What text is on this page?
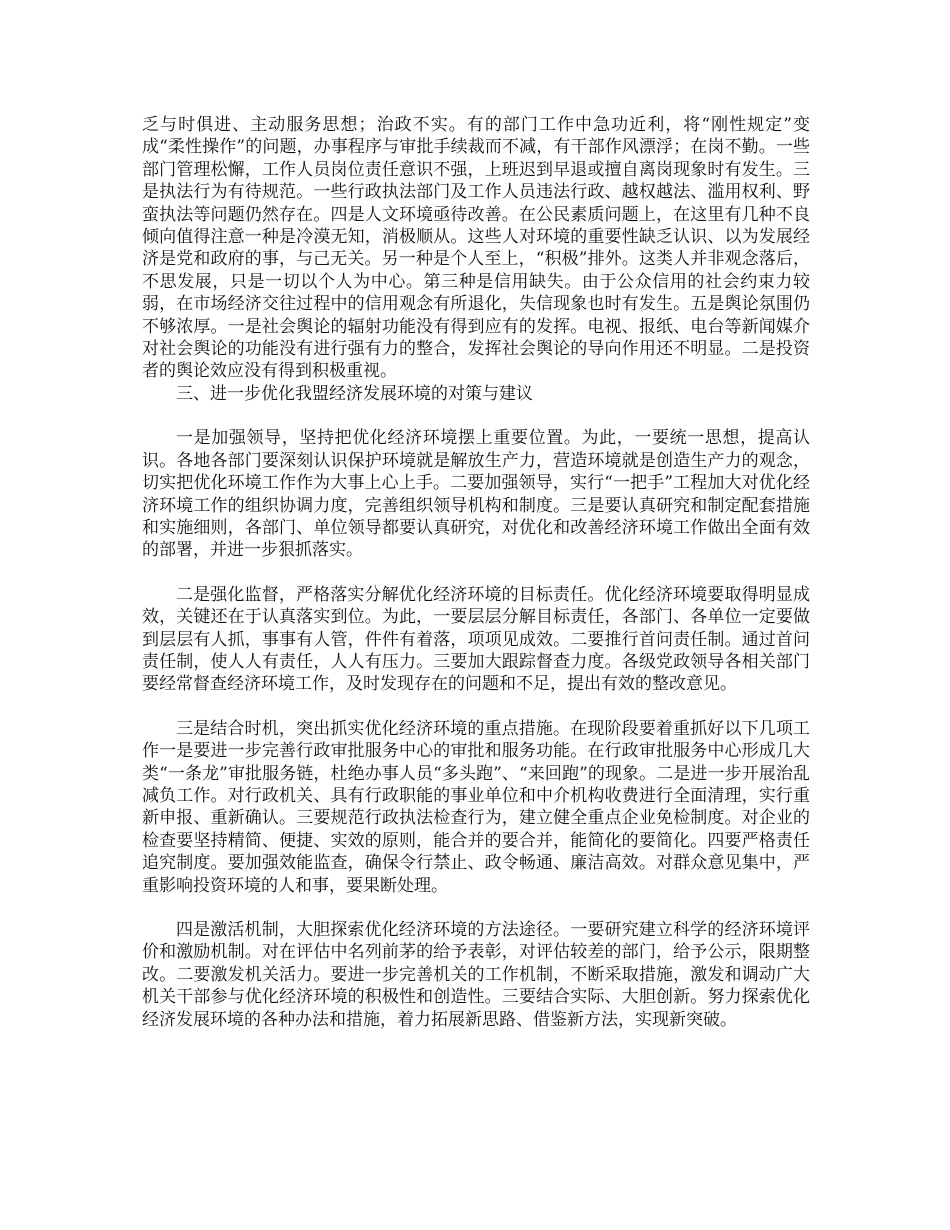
乏与时俱进、主动服务思想；治政不实。有的部门工作中急功近利，将“刚性规定”变成“柔性操作”的问题，办事程序与审批手续裁而不减，有干部作风漂浮；在岗不勤。一些部门管理松懈，工作人员岗位责任意识不强，上班迟到早退或擅自离岗现象时有发生。三是执法行为有待规范。一些行政执法部门及工作人员违法行政、越权越法、滥用权利、野蛮执法等问题仍然存在。四是人文环境亟待改善。在公民素质问题上，在这里有几种不良倾向值得注意一种是冷漠无知，消极顺从。这些人对环境的重要性缺乏认识、以为发展经济是党和政府的事，与己无关。另一种是个人至上，“积极”排外。这类人并非观念落后，不思发展，只是一切以个人为中心。第三种是信用缺失。由于公众信用的社会约束力较弱，在市场经济交往过程中的信用观念有所退化，失信现象也时有发生。五是舆论氛围仍不够浓厚。一是社会舆论的辐射功能没有得到应有的发挥。电视、报纸、电台等新闻媒介对社会舆论的功能没有进行强有力的整合，发挥社会舆论的导向作用还不明显。二是投资者的舆论效应没有得到积极重视。

三、进一步优化我盟经济发展环境的对策与建议

一是加强领导，坚持把优化经济环境摆上重要位置。为此，一要统一思想，提高认识。各地各部门要深刻认识保护环境就是解放生产力，营造环境就是创造生产力的观念，切实把优化环境工作作为大事上心上手。二要加强领导，实行“一把手”工程加大对优化经济环境工作的组织协调力度，完善组织领导机构和制度。三是要认真研究和制定配套措施和实施细则，各部门、单位领导都要认真研究，对优化和改善经济环境工作做出全面有效的部署，并进一步狠抓落实。

二是强化监督，严格落实分解优化经济环境的目标责任。优化经济环境要取得明显成效，关键还在于认真落实到位。为此，一要层层分解目标责任，各部门、各单位一定要做到层层有人抓，事事有人管，件件有着落，项项见成效。二要推行首问责任制。通过首问责任制，使人人有责任，人人有压力。三要加大跟踪督查力度。各级党政领导各相关部门要经常督查经济环境工作，及时发现存在的问题和不足，提出有效的整改意见。

三是结合时机，突出抓实优化经济环境的重点措施。在现阶段要着重抓好以下几项工作一是要进一步完善行政审批服务中心的审批和服务功能。在行政审批服务中心形成几大类“一条龙”审批服务链，杜绝办事人员“多头跑”、“来回跑”的现象。二是进一步开展治乱减负工作。对行政机关、具有行政职能的事业单位和中介机构收费进行全面清理，实行重新申报、重新确认。三要规范行政执法检查行为，建立健全重点企业免检制度。对企业的检查要坚持精简、便捷、实效的原则，能合并的要合并，能简化的要简化。四要严格责任追究制度。要加强效能监查，确保令行禁止、政令畅通、廉洁高效。对群众意见集中，严重影响投资环境的人和事，要果断处理。

四是激活机制，大胆探索优化经济环境的方法途径。一要研究建立科学的经济环境评价和激励机制。对在评估中名列前茅的给予表彰，对评估较差的部门，给予公示，限期整改。二要激发机关活力。要进一步完善机关的工作机制，不断采取措施，激发和调动广大机关干部参与优化经济环境的积极性和创造性。三要结合实际、大胆创新。努力探索优化经济发展环境的各种办法和措施，着力拓展新思路、借鉴新方法，实现新突破。
